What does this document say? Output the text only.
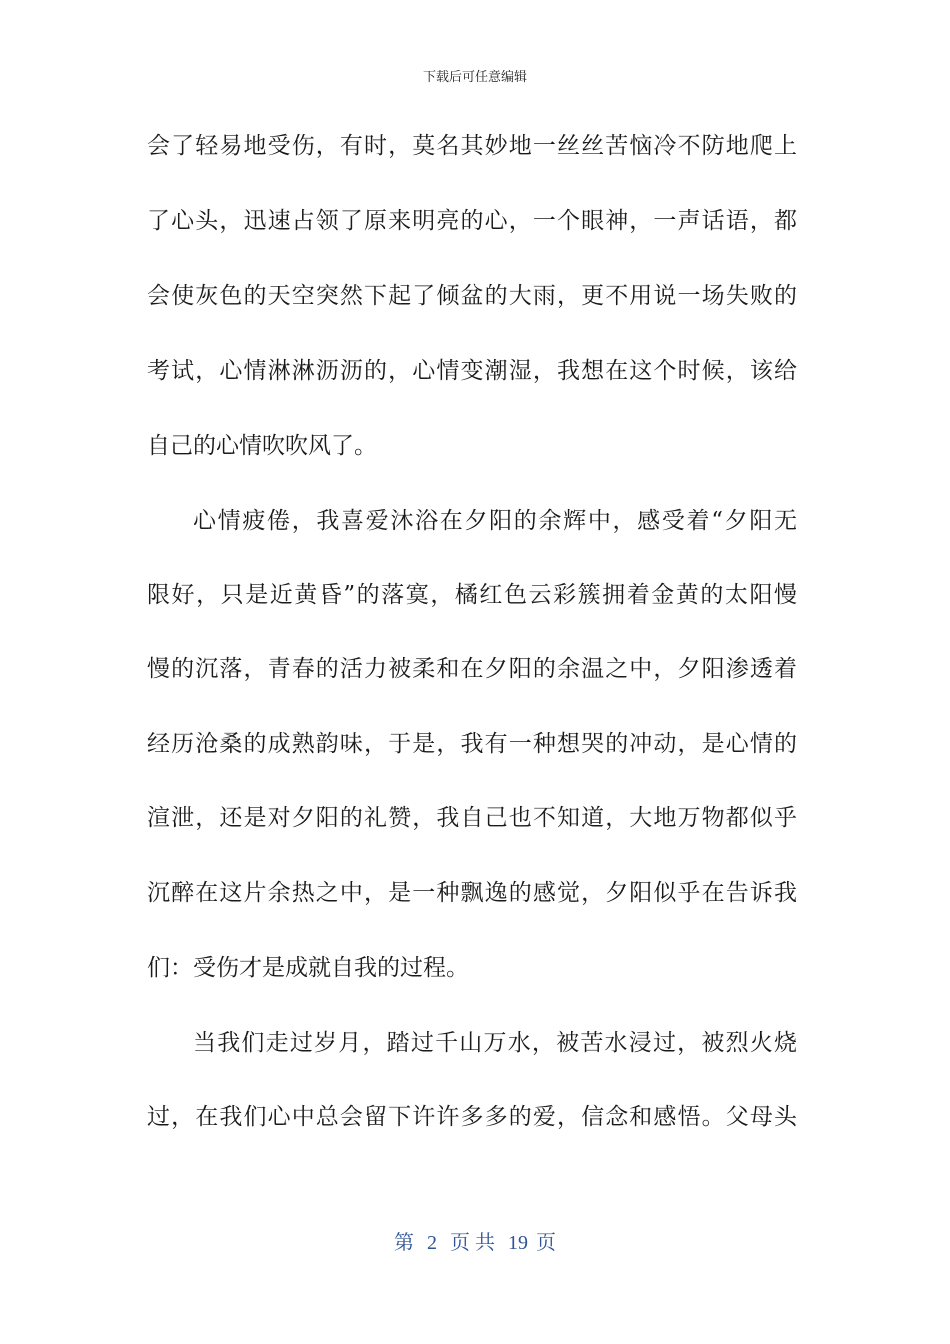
下载后可任意编辑
会了轻易地受伤，有时，莫名其妙地一丝丝苦恼冷不防地爬上
了心头，迅速占领了原来明亮的心，一个眼神，一声话语，都
会使灰色的天空突然下起了倾盆的大雨，更不用说一场失败的
考试，心情淋淋沥沥的，心情变潮湿，我想在这个时候，该给
自己的心情吹吹风了。
心情疲倦，我喜爱沐浴在夕阳的余辉中，感受着“夕阳无
限好，只是近黄昏”的落寞，橘红色云彩簇拥着金黄的太阳慢
慢的沉落，青春的活力被柔和在夕阳的余温之中，夕阳渗透着
经历沧桑的成熟韵味，于是，我有一种想哭的冲动，是心情的
渲泄，还是对夕阳的礼赞，我自己也不知道，大地万物都似乎
沉醉在这片余热之中，是一种飘逸的感觉，夕阳似乎在告诉我
们：受伤才是成就自我的过程。
当我们走过岁月，踏过千山万水，被苦水浸过，被烈火烧
过，在我们心中总会留下许许多多的爱，信念和感悟。父母头
第 2 页 共 19 页
